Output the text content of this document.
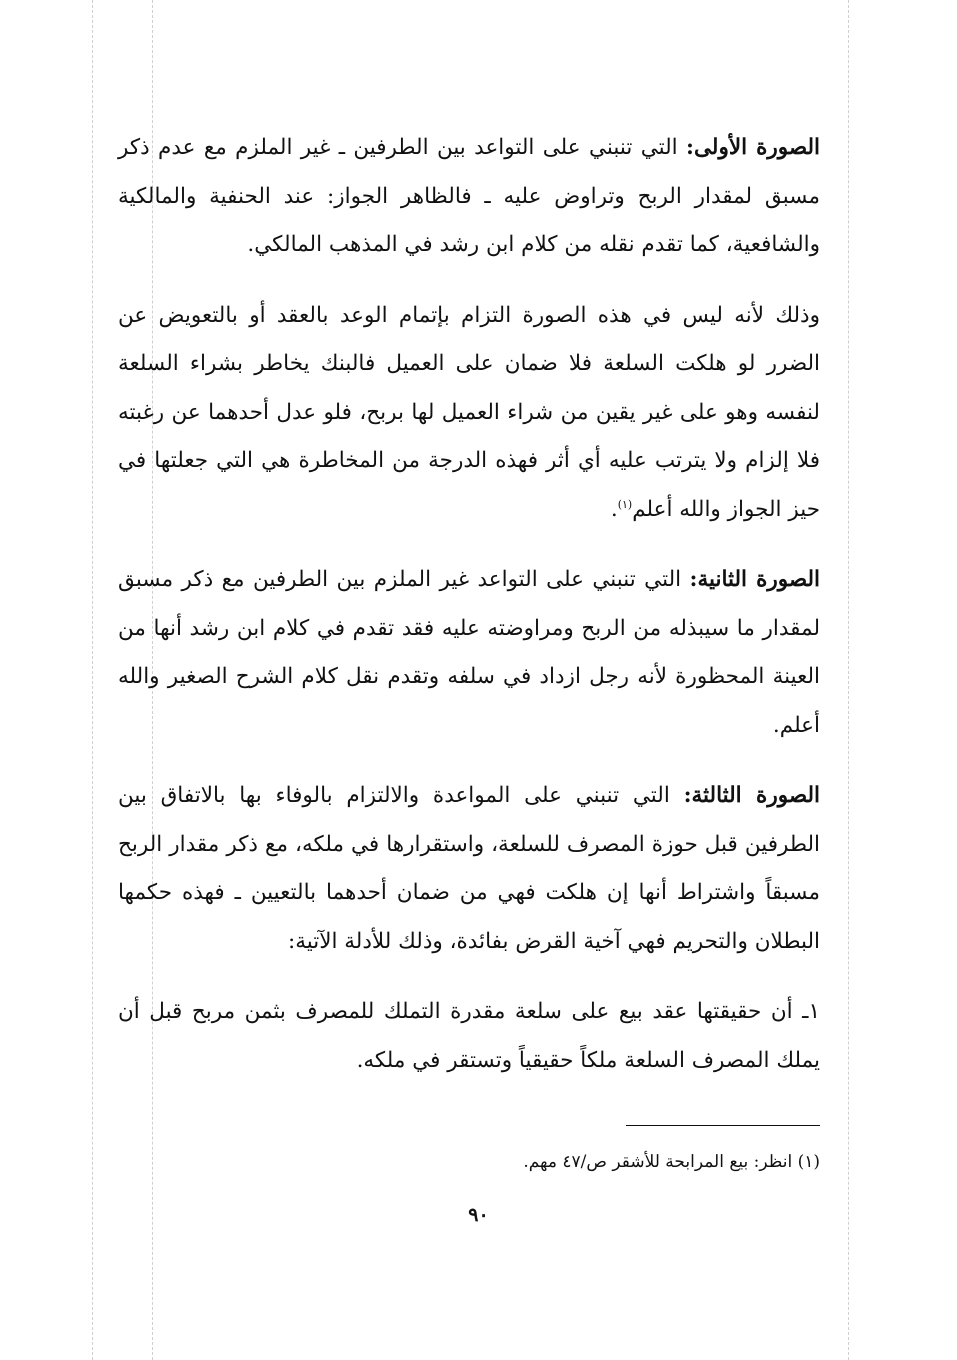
الصورة الأولى: التي تنبني على التواعد بين الطرفين ـ غير الملزم مع عدم ذكر مسبق لمقدار الربح وتراوض عليه ـ فالظاهر الجواز: عند الحنفية والمالكية والشافعية، كما تقدم نقله من كلام ابن رشد في المذهب المالكي.

وذلك لأنه ليس في هذه الصورة التزام بإتمام الوعد بالعقد أو بالتعويض عن الضرر لو هلكت السلعة فلا ضمان على العميل فالبنك يخاطر بشراء السلعة لنفسه وهو على غير يقين من شراء العميل لها بربح، فلو عدل أحدهما عن رغبته فلا إلزام ولا يترتب عليه أي أثر فهذه الدرجة من المخاطرة هي التي جعلتها في حيز الجواز والله أعلم$^{(١)}$.

الصورة الثانية: التي تنبني على التواعد غير الملزم بين الطرفين مع ذكر مسبق لمقدار ما سيبذله من الربح ومراوضته عليه فقد تقدم في كلام ابن رشد أنها من العينة المحظورة لأنه رجل ازداد في سلفه وتقدم نقل كلام الشرح الصغير والله أعلم.

الصورة الثالثة: التي تنبني على المواعدة والالتزام بالوفاء بها بالاتفاق بين الطرفين قبل حوزة المصرف للسلعة، واستقرارها في ملكه، مع ذكر مقدار الربح مسبقاً واشتراط أنها إن هلكت فهي من ضمان أحدهما بالتعيين ـ فهذه حكمها البطلان والتحريم فهي آخية القرض بفائدة، وذلك للأدلة الآتية:

١ـ أن حقيقتها عقد بيع على سلعة مقدرة التملك للمصرف بثمن مربح قبل أن يملك المصرف السلعة ملكاً حقيقياً وتستقر في ملكه.

(١) انظر: بيع المرابحة للأشقر ص/٤٧ مهم.
٩٠
